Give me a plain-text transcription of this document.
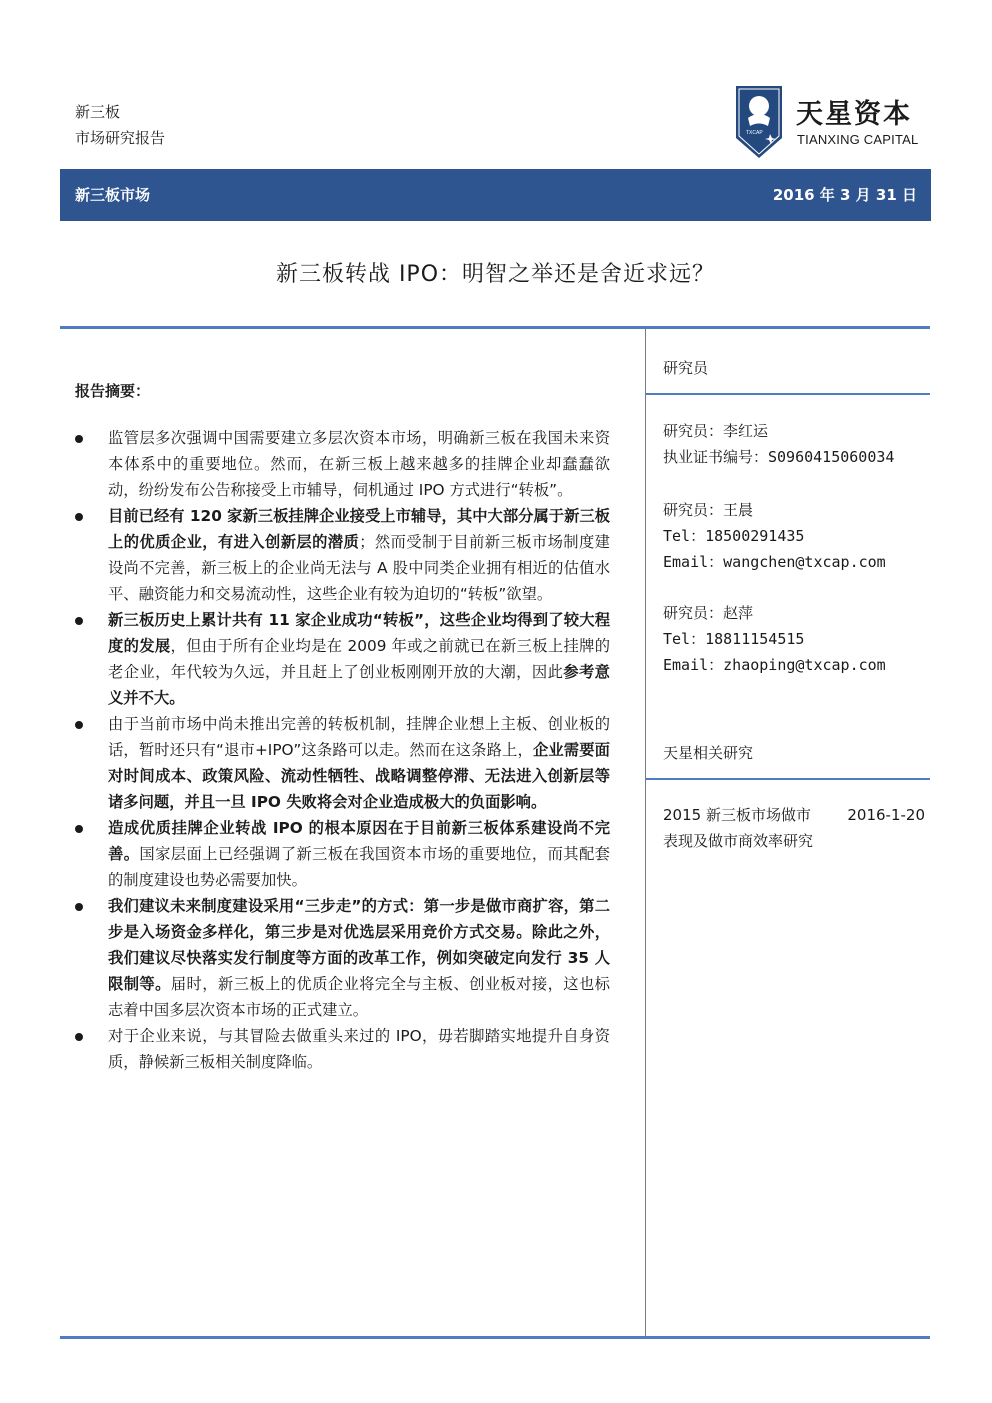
新三板
市场研究报告	TXCAP
天星资本
TIANXING CAPITAL
新三板市场	2016 年 3 月 31 日
新三板转战 IPO：明智之举还是舍近求远？
报告摘要：
监管层多次强调中国需要建立多层次资本市场，明确新三板在我国未来资本体系中的重要地位。然而，在新三板上越来越多的挂牌企业却蠢蠢欲动，纷纷发布公告称接受上市辅导，伺机通过 IPO 方式进行“转板”。
目前已经有 120 家新三板挂牌企业接受上市辅导，其中大部分属于新三板上的优质企业，有进入创新层的潜质；然而受制于目前新三板市场制度建设尚不完善，新三板上的企业尚无法与 A 股中同类企业拥有相近的估值水平、融资能力和交易流动性，这些企业有较为迫切的“转板”欲望。
新三板历史上累计共有 11 家企业成功“转板”，这些企业均得到了较大程度的发展，但由于所有企业均是在 2009 年或之前就已在新三板上挂牌的老企业，年代较为久远，并且赶上了创业板刚刚开放的大潮，因此参考意义并不大。
由于当前市场中尚未推出完善的转板机制，挂牌企业想上主板、创业板的话，暂时还只有“退市+IPO”这条路可以走。然而在这条路上，企业需要面对时间成本、政策风险、流动性牺牲、战略调整停滞、无法进入创新层等诸多问题，并且一旦 IPO 失败将会对企业造成极大的负面影响。
造成优质挂牌企业转战 IPO 的根本原因在于目前新三板体系建设尚不完善。国家层面上已经强调了新三板在我国资本市场的重要地位，而其配套的制度建设也势必需要加快。
我们建议未来制度建设采用“三步走”的方式：第一步是做市商扩容，第二步是入场资金多样化，第三步是对优选层采用竞价方式交易。除此之外，我们建议尽快落实发行制度等方面的改革工作，例如突破定向发行 35 人限制等。届时，新三板上的优质企业将完全与主板、创业板对接，这也标志着中国多层次资本市场的正式建立。
对于企业来说，与其冒险去做重头来过的 IPO，毋若脚踏实地提升自身资质，静候新三板相关制度降临。
研究员
研究员：李红运
执业证书编号：S0960415060034
研究员：王晨
Tel：18500291435
Email：wangchen@txcap.com
研究员：赵萍
Tel：18811154515
Email：zhaoping@txcap.com
天星相关研究
2015 新三板市场做市表现及做市商效率研究
2016-1-20
